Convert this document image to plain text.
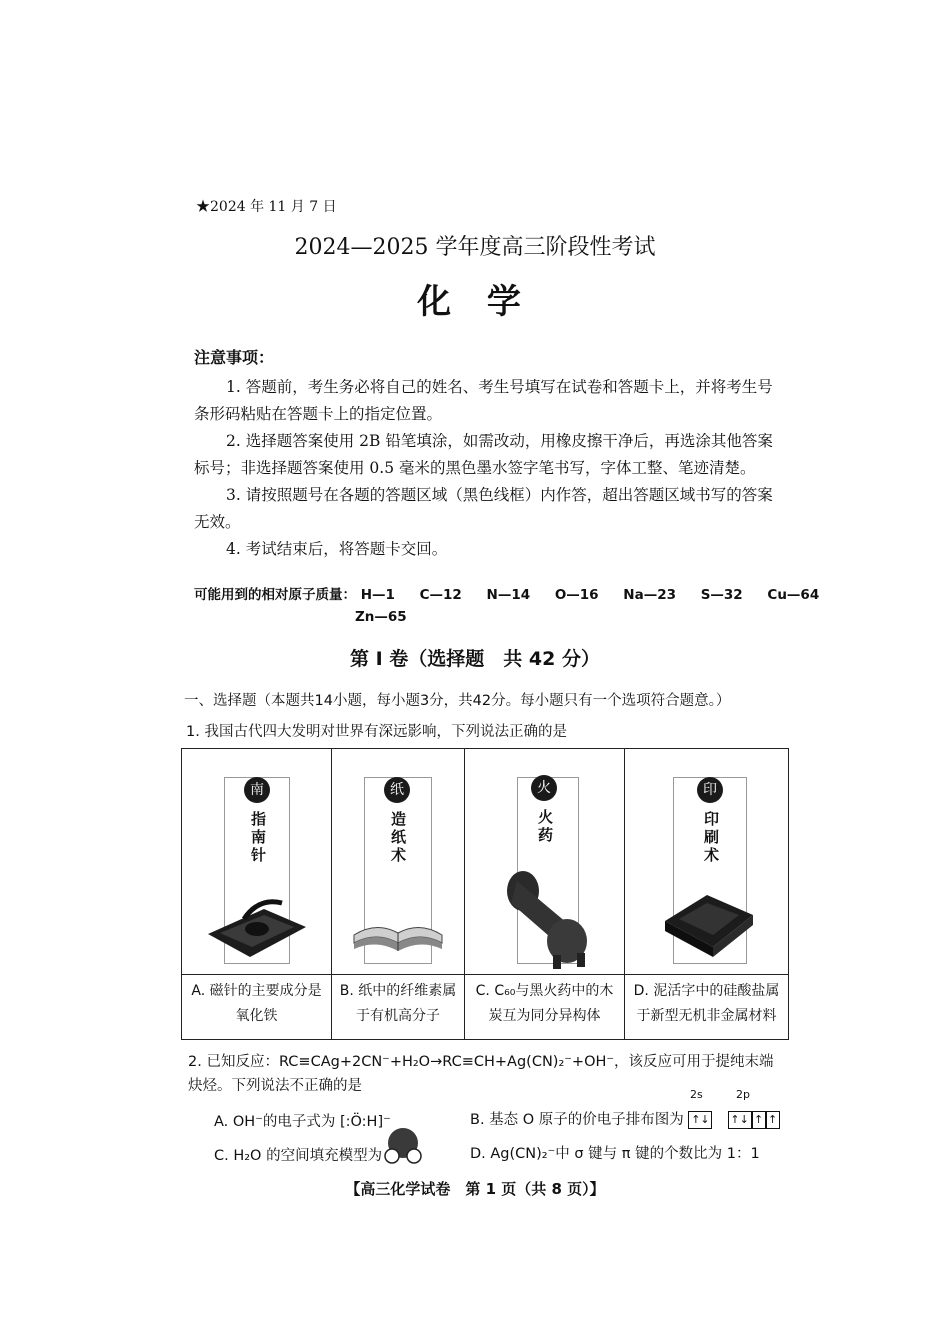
★2024 年 11 月 7 日
2024—2025 学年度高三阶段性考试
化 学
注意事项：

1. 答题前，考生务必将自己的姓名、考生号填写在试卷和答题卡上，并将考生号条形码粘贴在答题卡上的指定位置。

2. 选择题答案使用 2B 铅笔填涂，如需改动，用橡皮擦干净后，再选涂其他答案标号；非选择题答案使用 0.5 毫米的黑色墨水签字笔书写，字体工整、笔迹清楚。

3. 请按照题号在各题的答题区域（黑色线框）内作答，超出答题区域书写的答案无效。

4. 考试结束后，将答题卡交回。

可能用到的相对原子质量： H—1 C—12 N—14 O—16 Na—23 S—32 Cu—64
Zn—65
第 I 卷（选择题　共 42 分）
一、选择题（本题共14小题，每小题3分，共42分。每小题只有一个选项符合题意。）
1. 我国古代四大发明对世界有深远影响，下列说法正确的是
南
指南针
A. 磁针的主要成分是氧化铁
纸
造纸术
B. 纸中的纤维素属于有机高分子
火
火药
C. C₆₀与黑火药中的木炭互为同分异构体
印
印刷术
D. 泥活字中的硅酸盐属于新型无机非金属材料
2. 已知反应：RC≡CAg+2CN⁻+H₂O→RC≡CH+Ag(CN)₂⁻+OH⁻，该反应可用于提纯末端炔烃。下列说法不正确的是
A. OH⁻的电子式为 [:Ö:H]⁻
2s	2p
B. 基态 O 原子的价电子排布图为 ↑↓ ↑↓ ↑ ↑
C. H₂O 的空间填充模型为	D. Ag(CN)₂⁻中 σ 键与 π 键的个数比为 1：1
【高三化学试卷　第 1 页（共 8 页）】
